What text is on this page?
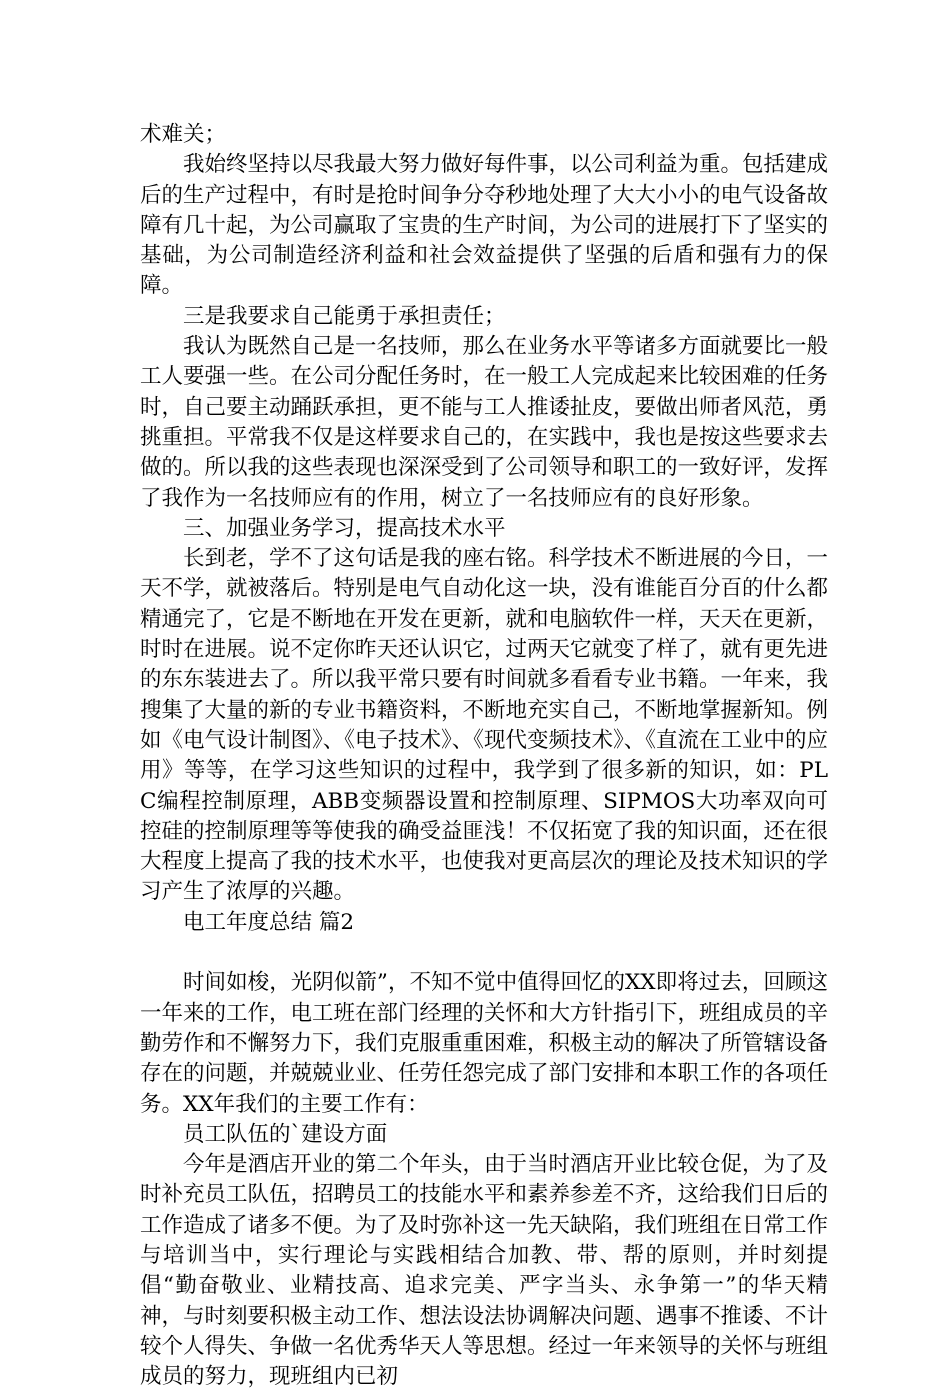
术难关；

我始终坚持以尽我最大努力做好每件事，以公司利益为重。包括建成后的生产过程中，有时是抢时间争分夺秒地处理了大大小小的电气设备故障有几十起，为公司赢取了宝贵的生产时间，为公司的进展打下了坚实的基础，为公司制造经济利益和社会效益提供了坚强的后盾和强有力的保障。

三是我要求自己能勇于承担责任；

我认为既然自己是一名技师，那么在业务水平等诸多方面就要比一般工人要强一些。在公司分配任务时，在一般工人完成起来比较困难的任务时，自己要主动踊跃承担，更不能与工人推诿扯皮，要做出师者风范，勇挑重担。平常我不仅是这样要求自己的，在实践中，我也是按这些要求去做的。所以我的这些表现也深深受到了公司领导和职工的一致好评，发挥了我作为一名技师应有的作用，树立了一名技师应有的良好形象。

三、加强业务学习，提高技术水平

长到老，学不了这句话是我的座右铭。科学技术不断进展的今日，一天不学，就被落后。特别是电气自动化这一块，没有谁能百分百的什么都精通完了，它是不断地在开发在更新，就和电脑软件一样，天天在更新，时时在进展。说不定你昨天还认识它，过两天它就变了样了，就有更先进的东东装进去了。所以我平常只要有时间就多看看专业书籍。一年来，我搜集了大量的新的专业书籍资料，不断地充实自己，不断地掌握新知。例如《电气设计制图》、《电子技术》、《现代变频技术》、《直流在工业中的应用》等等，在学习这些知识的过程中，我学到了很多新的知识，如：PLC编程控制原理，ABB变频器设置和控制原理、SIPMOS大功率双向可控硅的控制原理等等使我的确受益匪浅！不仅拓宽了我的知识面，还在很大程度上提高了我的技术水平，也使我对更高层次的理论及技术知识的学习产生了浓厚的兴趣。

电工年度总结 篇2

时间如梭，光阴似箭”，不知不觉中值得回忆的XX即将过去，回顾这一年来的工作，电工班在部门经理的关怀和大方针指引下，班组成员的辛勤劳作和不懈努力下，我们克服重重困难，积极主动的解决了所管辖设备存在的问题，并兢兢业业、任劳任怨完成了部门安排和本职工作的各项任务。XX年我们的主要工作有：

员工队伍的`建设方面

今年是酒店开业的第二个年头，由于当时酒店开业比较仓促，为了及时补充员工队伍，招聘员工的技能水平和素养参差不齐，这给我们日后的工作造成了诸多不便。为了及时弥补这一先天缺陷，我们班组在日常工作与培训当中，实行理论与实践相结合加教、带、帮的原则，并时刻提倡“勤奋敬业、业精技高、追求完美、严字当头、永争第一”的华天精神，与时刻要积极主动工作、想法设法协调解决问题、遇事不推诿、不计较个人得失、争做一名优秀华天人等思想。经过一年来领导的关怀与班组成员的努力，现班组内已初
